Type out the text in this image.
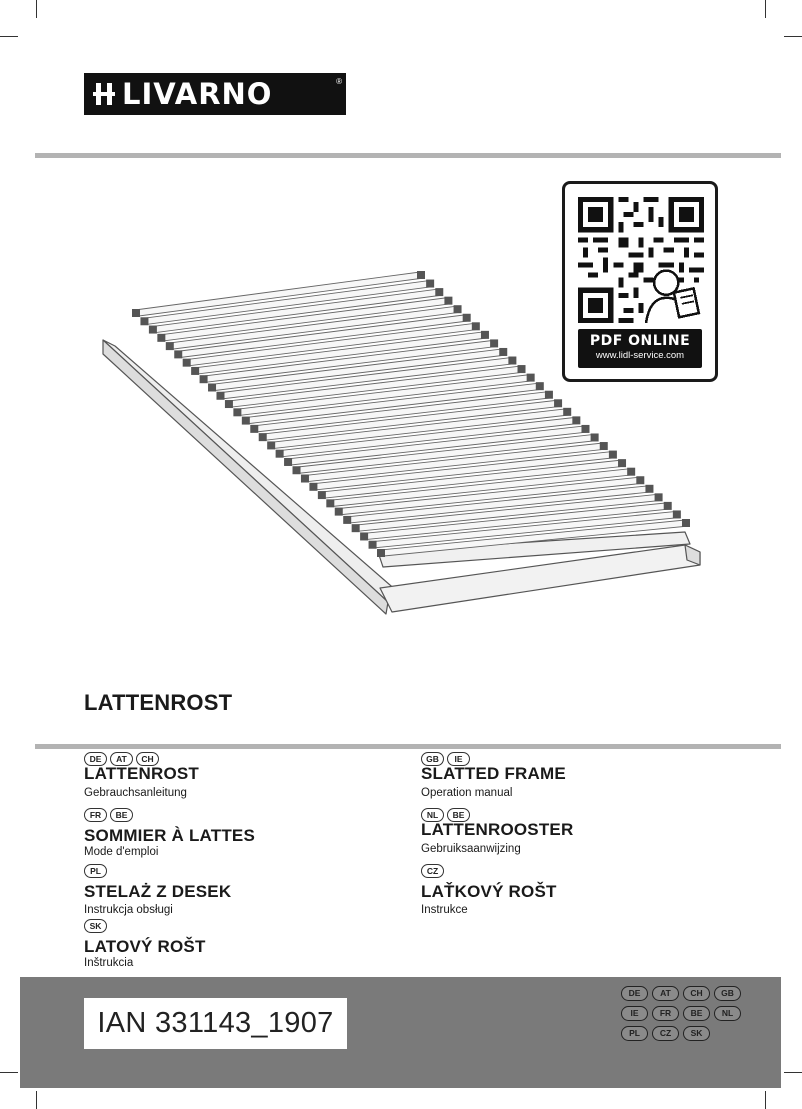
LIVARNO	®
PDF ONLINE
www.lidl-service.com
LATTENROST
DE	AT	CH
LATTENROST
Gebrauchsanleitung
FR	BE
SOMMIER À LATTES
Mode d'emploi
PL
STELAŻ Z DESEK
Instrukcja obsługi
SK
LATOVÝ ROŠT
Inštrukcia
GB	IE
SLATTED FRAME
Operation manual
NL	BE
LATTENROOSTER
Gebruiksaanwijzing
CZ
LAŤKOVÝ ROŠT
Instrukce
IAN 331143_1907
DE	AT	CH	GB
IE	FR	BE	NL
PL	CZ	SK
